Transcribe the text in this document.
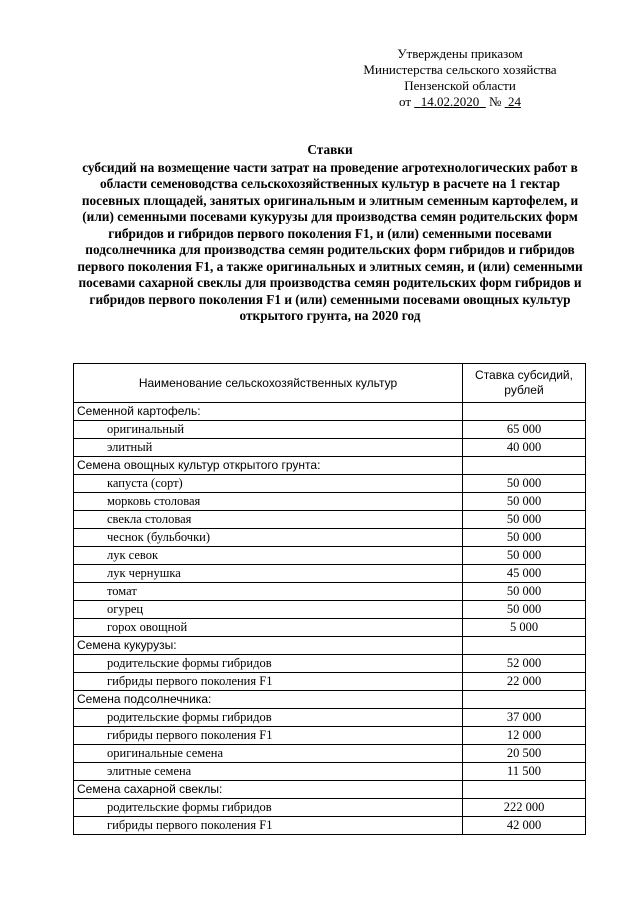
Утверждены приказом
Министерства сельского хозяйства
Пензенской области
от 14.02.2020 № 24
Ставки
субсидий на возмещение части затрат на проведение агротехнологических работ в области семеноводства сельскохозяйственных культур в расчете на 1 гектар посевных площадей, занятых оригинальным и элитным семенным картофелем, и (или) семенными посевами кукурузы для производства семян родительских форм гибридов и гибридов первого поколения F1, и (или) семенными посевами подсолнечника для производства семян родительских форм гибридов и гибридов первого поколения F1, а также оригинальных и элитных семян, и (или) семенными посевами сахарной свеклы для производства семян родительских форм гибридов и гибридов первого поколения F1 и (или) семенными посевами овощных культур открытого грунта, на 2020 год
Наименование сельскохозяйственных культур	Ставка субсидий, рублей
Семенной картофель:	
оригинальный	65 000
элитный	40 000
Семена овощных культур открытого грунта:	
капуста (сорт)	50 000
морковь столовая	50 000
свекла столовая	50 000
чеснок (бульбочки)	50 000
лук севок	50 000
лук чернушка	45 000
томат	50 000
огурец	50 000
горох овощной	5 000
Семена кукурузы:	
родительские формы гибридов	52 000
гибриды первого поколения F1	22 000
Семена подсолнечника:	
родительские формы гибридов	37 000
гибриды первого поколения F1	12 000
оригинальные семена	20 500
элитные семена	11 500
Семена сахарной свеклы:	
родительские формы гибридов	222 000
гибриды первого поколения F1	42 000
